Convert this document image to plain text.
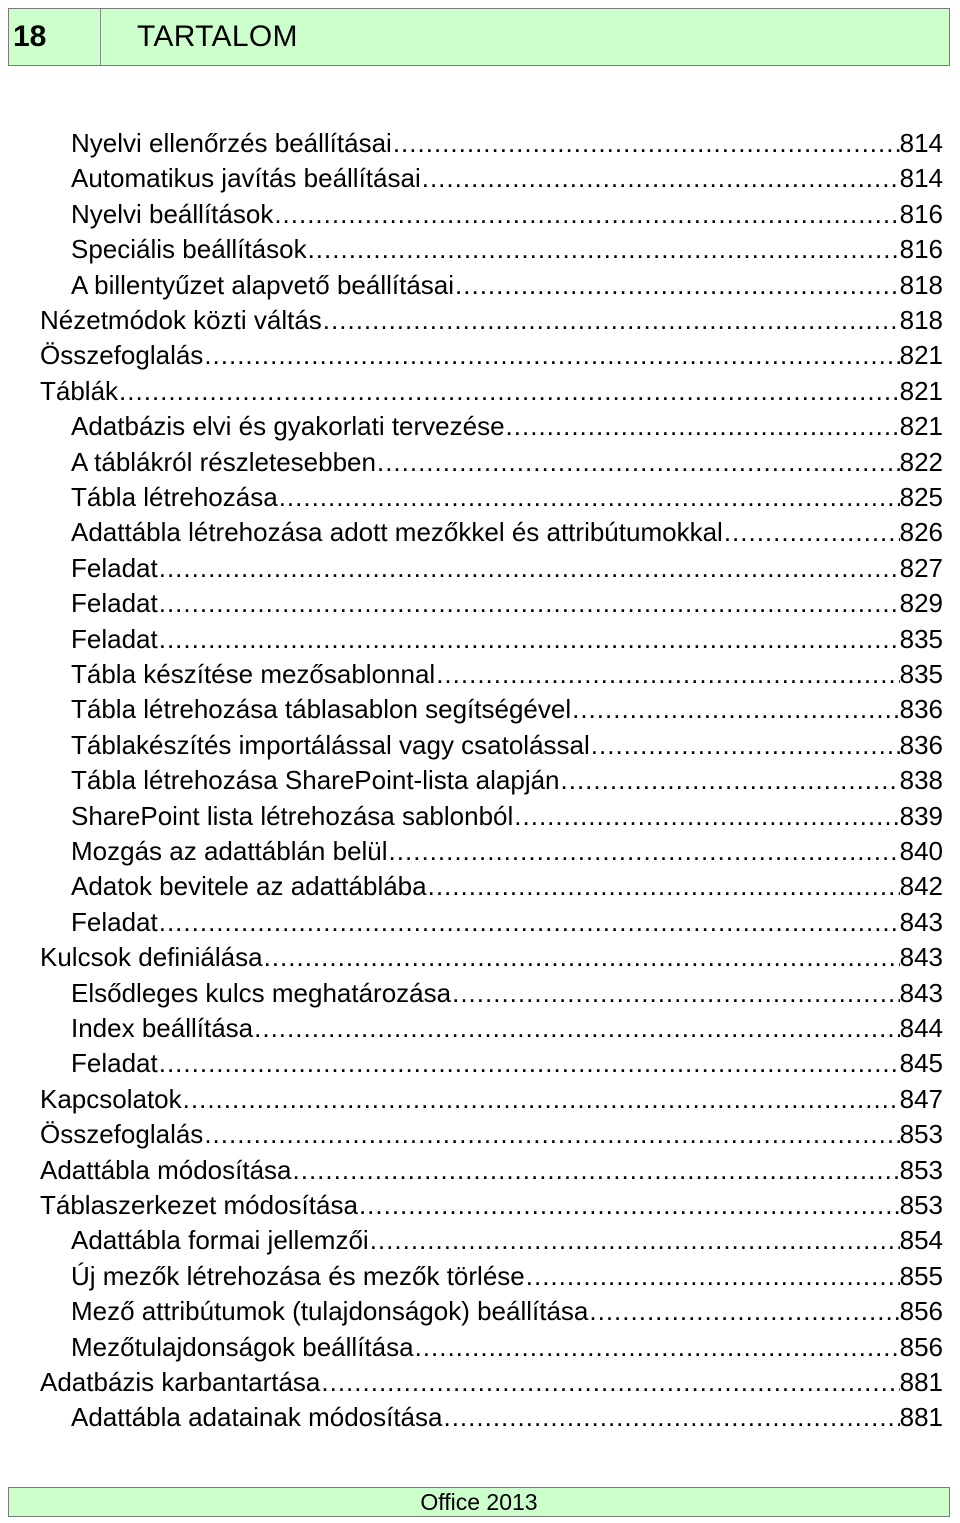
18	TARTALOM
Nyelvi ellenőrzés beállításai .....	814
Automatikus javítás beállításai .....	814
Nyelvi beállítások .....	816
Speciális beállítások .....	816
A billentyűzet alapvető beállításai .....	818
Nézetmódok közti váltás .....	818
Összefoglalás .....	821
Táblák .....	821
Adatbázis elvi és gyakorlati tervezése .....	821
A táblákról részletesebben .....	822
Tábla létrehozása .....	825
Adattábla létrehozása adott mezőkkel és attribútumokkal .....	826
Feladat .....	827
Feladat .....	829
Feladat .....	835
Tábla készítése mezősablonnal .....	835
Tábla létrehozása táblasablon segítségével .....	836
Táblakészítés importálással vagy csatolással .....	836
Tábla létrehozása SharePoint-lista alapján .....	838
SharePoint lista létrehozása sablonból .....	839
Mozgás az adattáblán belül .....	840
Adatok bevitele az adattáblába .....	842
Feladat .....	843
Kulcsok definiálása .....	843
Elsődleges kulcs meghatározása .....	843
Index beállítása .....	844
Feladat .....	845
Kapcsolatok .....	847
Összefoglalás .....	853
Adattábla módosítása .....	853
Táblaszerkezet módosítása .....	853
Adattábla formai jellemzői .....	854
Új mezők létrehozása és mezők törlése .....	855
Mező attribútumok (tulajdonságok) beállítása .....	856
Mezőtulajdonságok beállítása .....	856
Adatbázis karbantartása .....	881
Adattábla adatainak módosítása .....	881
Office 2013
